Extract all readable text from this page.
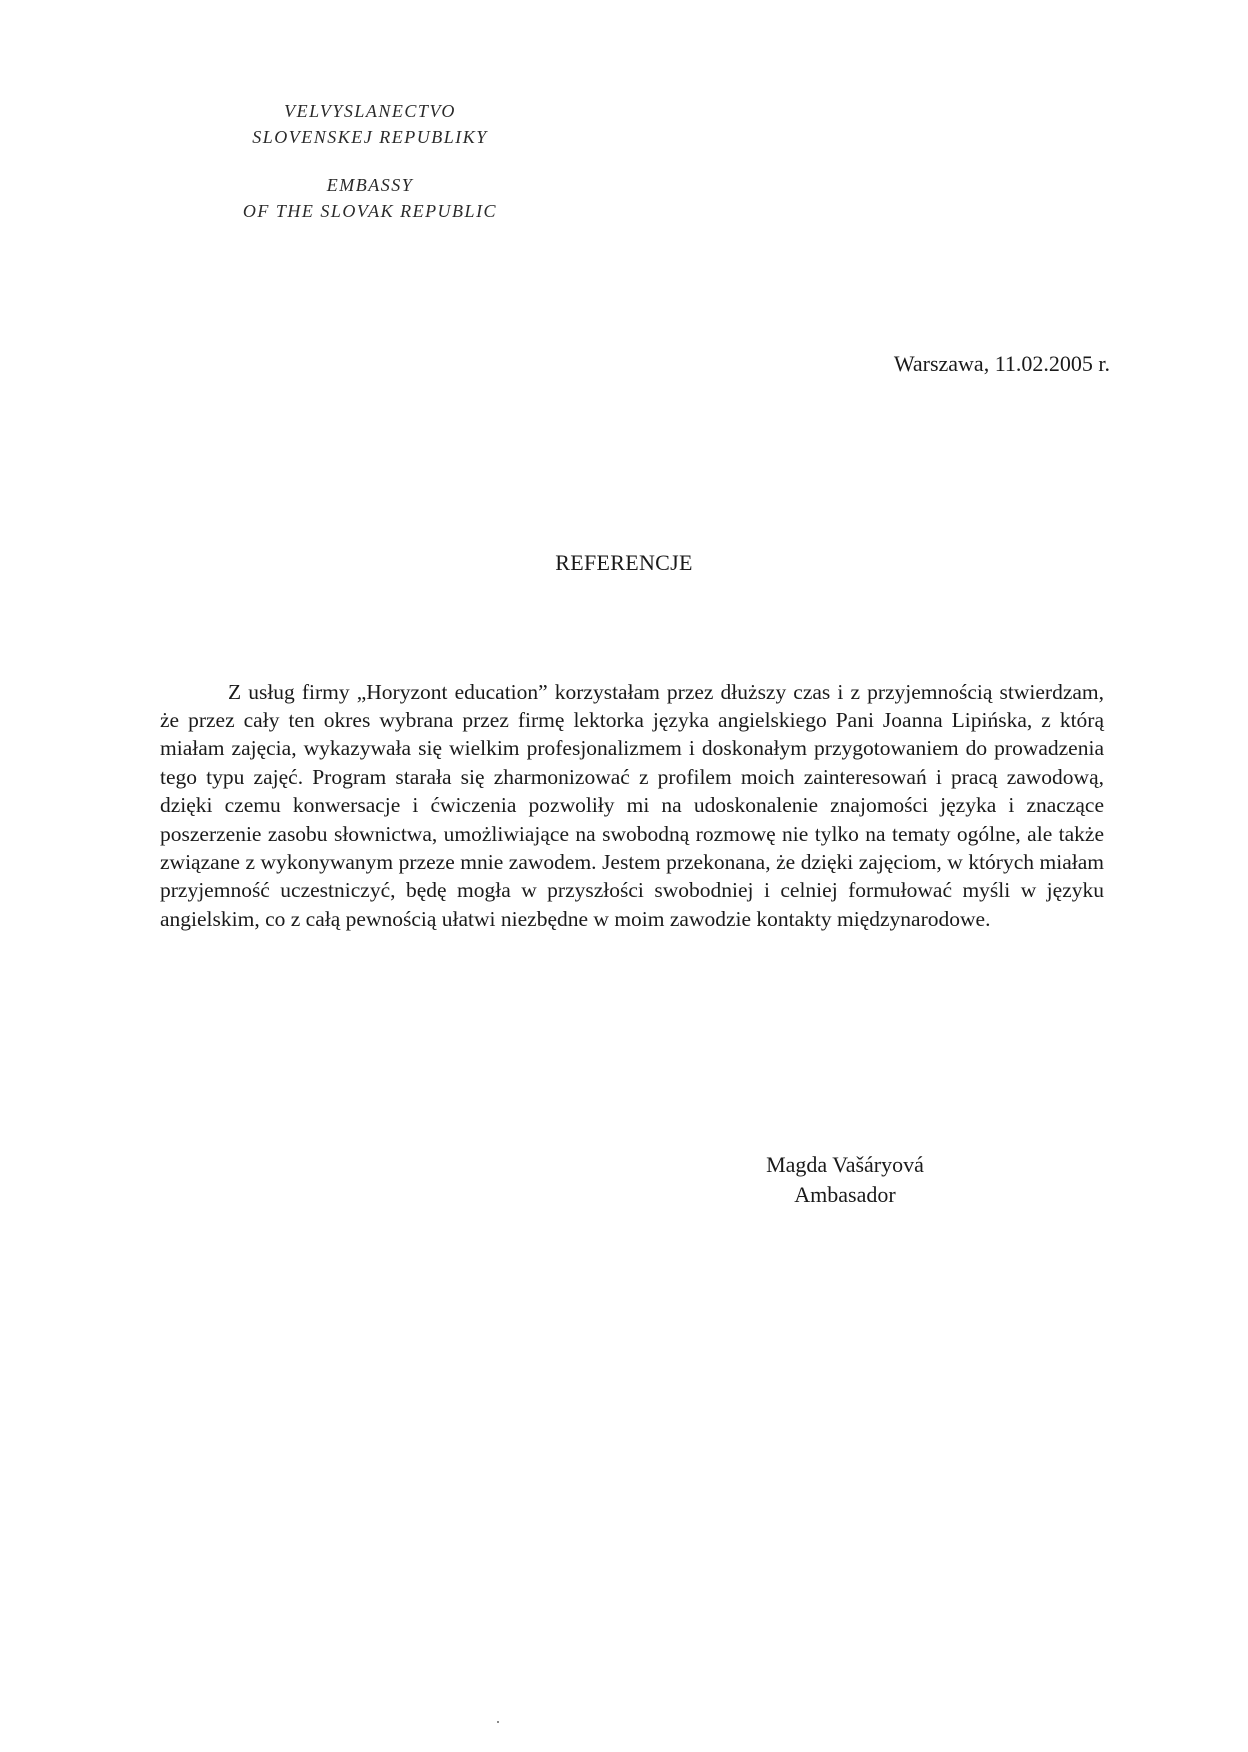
VELVYSLANECTVO
SLOVENSKEJ REPUBLIKY
EMBASSY
OF THE SLOVAK REPUBLIC
Warszawa, 11.02.2005 r.
REFERENCJE

Z usług firmy „Horyzont education” korzystałam przez dłuższy czas i z przyjemnością stwierdzam, że przez cały ten okres wybrana przez firmę lektorka języka angielskiego Pani Joanna Lipińska, z którą miałam zajęcia, wykazywała się wielkim profesjonalizmem i doskonałym przygotowaniem do prowadzenia tego typu zajęć. Program starała się zharmonizować z profilem moich zainteresowań i pracą zawodową, dzięki czemu konwersacje i ćwiczenia pozwoliły mi na udoskonalenie znajomości języka i znaczące poszerzenie zasobu słownictwa, umożliwiające na swobodną rozmowę nie tylko na tematy ogólne, ale także związane z wykonywanym przeze mnie zawodem. Jestem przekonana, że dzięki zajęciom, w których miałam przyjemność uczestniczyć, będę mogła w przyszłości swobodniej i celniej formułować myśli w języku angielskim, co z całą pewnością ułatwi niezbędne w moim zawodzie kontakty międzynarodowe.

Magda Vašáryová
Ambasador
